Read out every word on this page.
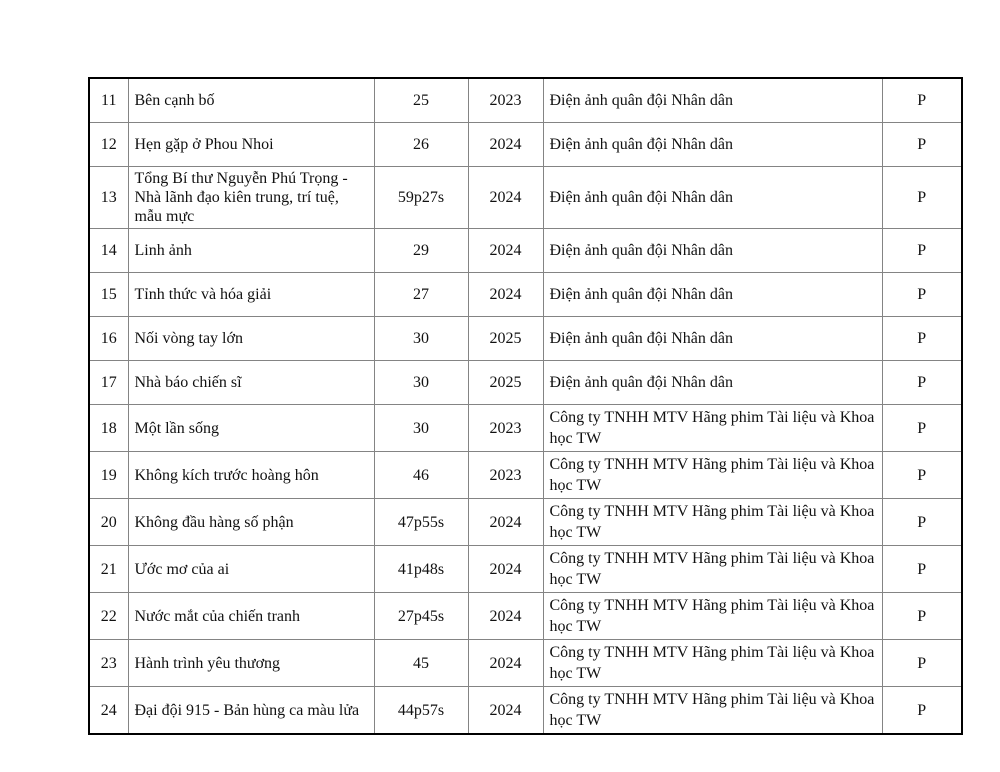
11	Bên cạnh bố	25	2023	Điện ảnh quân đội Nhân dân	P
12	Hẹn gặp ở Phou Nhoi	26	2024	Điện ảnh quân đội Nhân dân	P
13	Tổng Bí thư Nguyễn Phú Trọng - Nhà lãnh đạo kiên trung, trí tuệ, mẫu mực	59p27s	2024	Điện ảnh quân đội Nhân dân	P
14	Linh ảnh	29	2024	Điện ảnh quân đội Nhân dân	P
15	Tỉnh thức và hóa giải	27	2024	Điện ảnh quân đội Nhân dân	P
16	Nối vòng tay lớn	30	2025	Điện ảnh quân đội Nhân dân	P
17	Nhà báo chiến sĩ	30	2025	Điện ảnh quân đội Nhân dân	P
18	Một lần sống	30	2023	Công ty TNHH MTV Hãng phim Tài liệu và Khoa học TW	P
19	Không kích trước hoàng hôn	46	2023	Công ty TNHH MTV Hãng phim Tài liệu và Khoa học TW	P
20	Không đầu hàng số phận	47p55s	2024	Công ty TNHH MTV Hãng phim Tài liệu và Khoa học TW	P
21	Ước mơ của ai	41p48s	2024	Công ty TNHH MTV Hãng phim Tài liệu và Khoa học TW	P
22	Nước mắt của chiến tranh	27p45s	2024	Công ty TNHH MTV Hãng phim Tài liệu và Khoa học TW	P
23	Hành trình yêu thương	45	2024	Công ty TNHH MTV Hãng phim Tài liệu và Khoa học TW	P
24	Đại đội 915 - Bản hùng ca màu lửa	44p57s	2024	Công ty TNHH MTV Hãng phim Tài liệu và Khoa học TW	P
